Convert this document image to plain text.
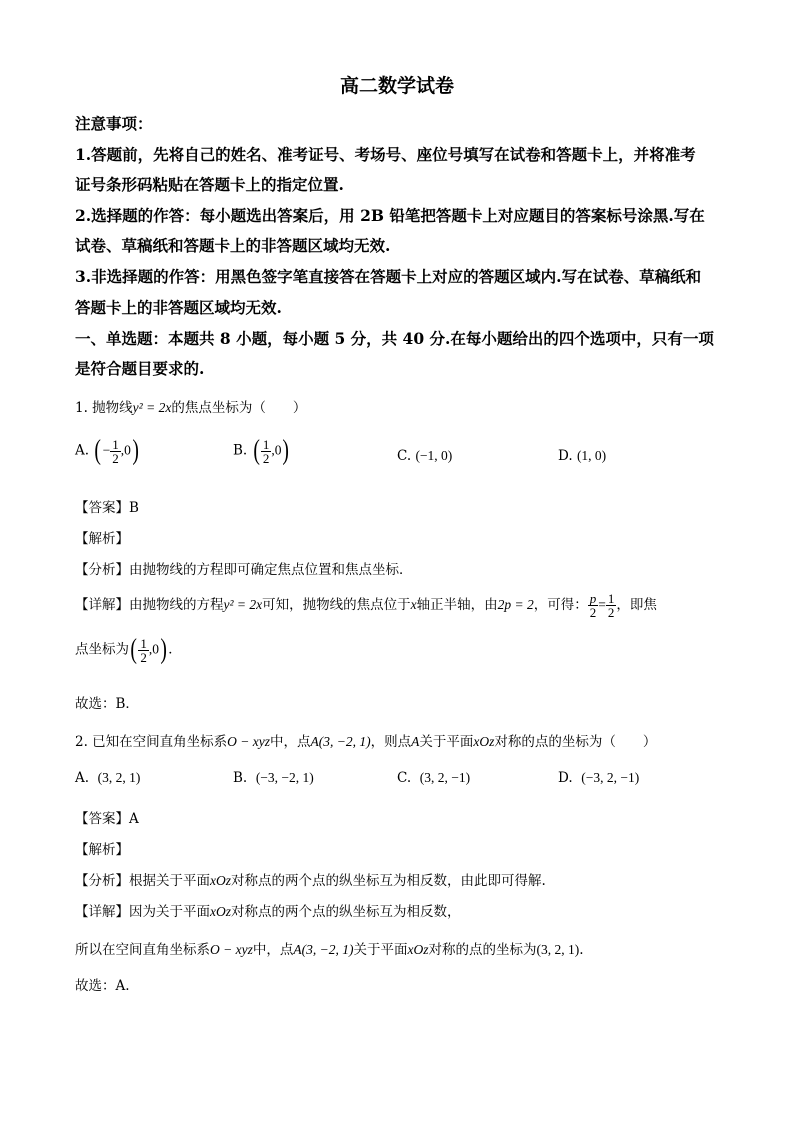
高二数学试卷
注意事项：
1.答题前，先将自己的姓名、准考证号、考场号、座位号填写在试卷和答题卡上，并将准考
证号条形码粘贴在答题卡上的指定位置.
2.选择题的作答：每小题选出答案后，用 2B 铅笔把答题卡上对应题目的答案标号涂黑.写在
试卷、草稿纸和答题卡上的非答题区域均无效.
3.非选择题的作答：用黑色签字笔直接答在答题卡上对应的答题区域内.写在试卷、草稿纸和
答题卡上的非答题区域均无效.
一、单选题：本题共 8 小题，每小题 5 分，共 40 分.在每小题给出的四个选项中，只有一项
是符合题目要求的.
1. 抛物线y² = 2x的焦点坐标为（　　）
A. (− $\frac{1}{2} ,0$)	B. ( $\frac{1}{2} ,0$)	C. (−1, 0)	D. (1, 0)
【答案】B
【解析】
【分析】由抛物线的方程即可确定焦点位置和焦点坐标．
【详解】由抛物线的方程y² = 2x可知，抛物线的焦点位于x轴正半轴，由2p = 2，可得： $\frac{p}{2} = \frac{1}{2}$ ，即焦
点坐标为( $\frac{1}{2} ,0$)．
故选：B．
2. 已知在空间直角坐标系O − xyz中，点A(3, −2, 1)，则点A关于平面xOz对称的点的坐标为（　　）
A. (3, 2, 1)	B. (−3, −2, 1)	C. (3, 2, −1)	D. (−3, 2, −1)
【答案】A
【解析】
【分析】根据关于平面xOz对称点的两个点的纵坐标互为相反数，由此即可得解.
【详解】因为关于平面xOz对称点的两个点的纵坐标互为相反数，
所以在空间直角坐标系O − xyz中，点A(3, −2, 1)关于平面xOz对称的点的坐标为(3, 2, 1).
故选：A.
